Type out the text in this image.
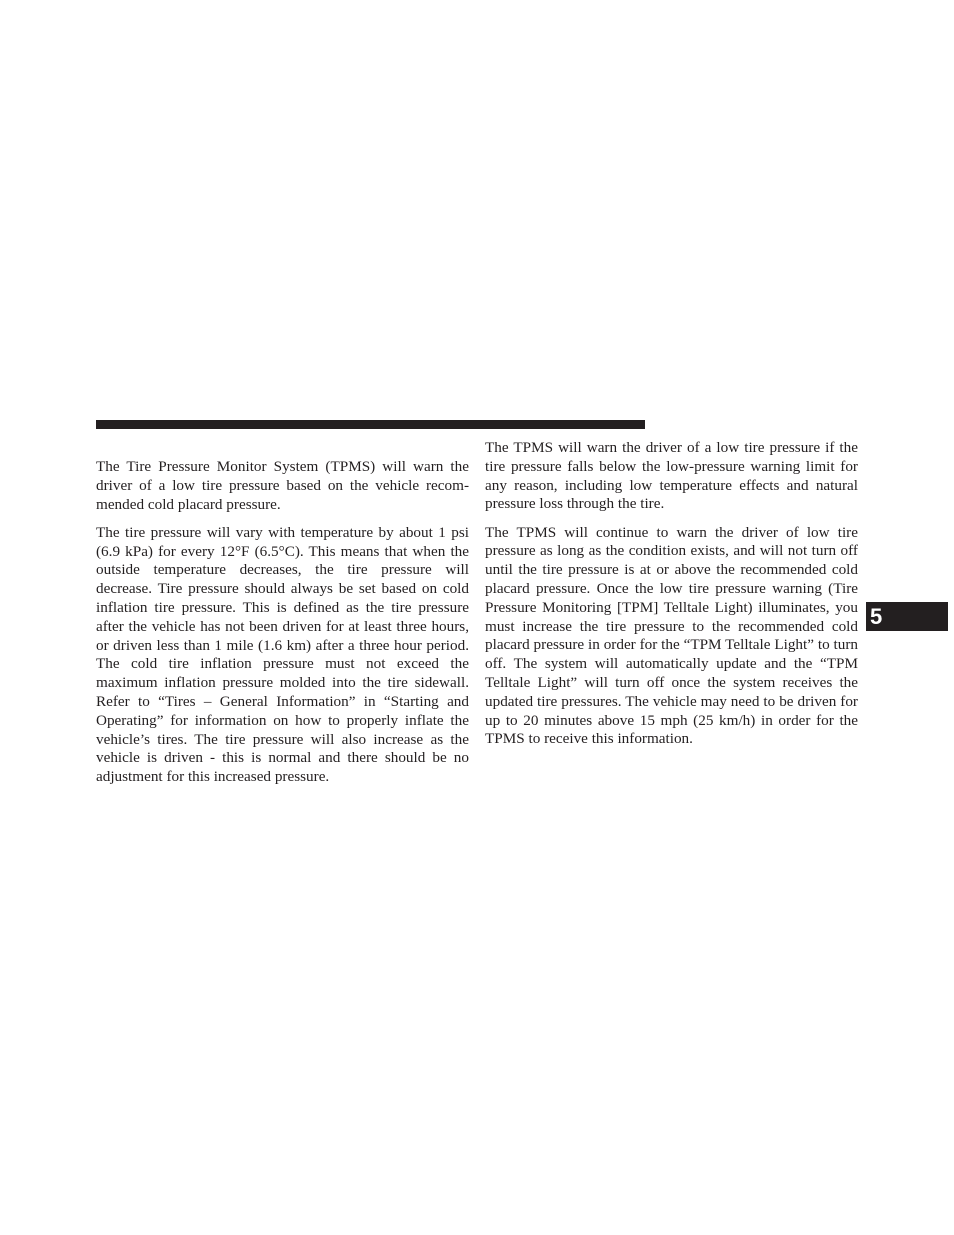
The Tire Pressure Monitor System (TPMS) will warn the driver of a low tire pressure based on the vehicle recommended cold placard pressure.

The tire pressure will vary with temperature by about 1 psi (6.9 kPa) for every 12°F (6.5°C). This means that when the outside temperature decreases, the tire pressure will decrease. Tire pressure should always be set based on cold inflation tire pressure. This is defined as the tire pressure after the vehicle has not been driven for at least three hours, or driven less than 1 mile (1.6 km) after a three hour period. The cold tire inflation pressure must not exceed the maximum inflation pressure molded into the tire sidewall. Refer to “Tires – General Information” in “Starting and Operating” for information on how to properly inflate the vehicle’s tires. The tire pressure will also increase as the vehicle is driven - this is normal and there should be no adjustment for this increased pressure.

The TPMS will warn the driver of a low tire pressure if the tire pressure falls below the low-pressure warning limit for any reason, including low temperature effects and natural pressure loss through the tire.

The TPMS will continue to warn the driver of low tire pressure as long as the condition exists, and will not turn off until the tire pressure is at or above the recommended cold placard pressure. Once the low tire pressure warning (Tire Pressure Monitoring [TPM] Telltale Light) illuminates, you must increase the tire pressure to the recommended cold placard pressure in order for the “TPM Telltale Light” to turn off. The system will automatically update and the “TPM Telltale Light” will turn off once the system receives the updated tire pressures. The vehicle may need to be driven for up to 20 minutes above 15 mph (25 km/h) in order for the TPMS to receive this information.

5
